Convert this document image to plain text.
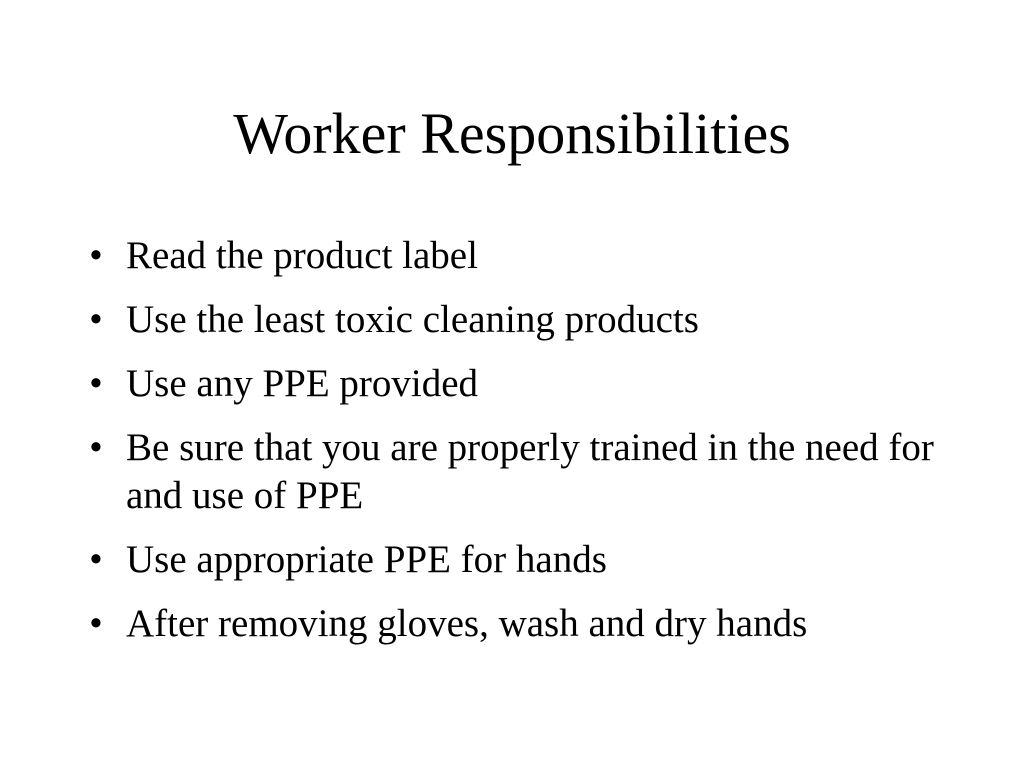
Worker Responsibilities
• Read the product label
• Use the least toxic cleaning products
• Use any PPE provided
• Be sure that you are properly trained in the need for and use of PPE
• Use appropriate PPE for hands
• After removing gloves, wash and dry hands
